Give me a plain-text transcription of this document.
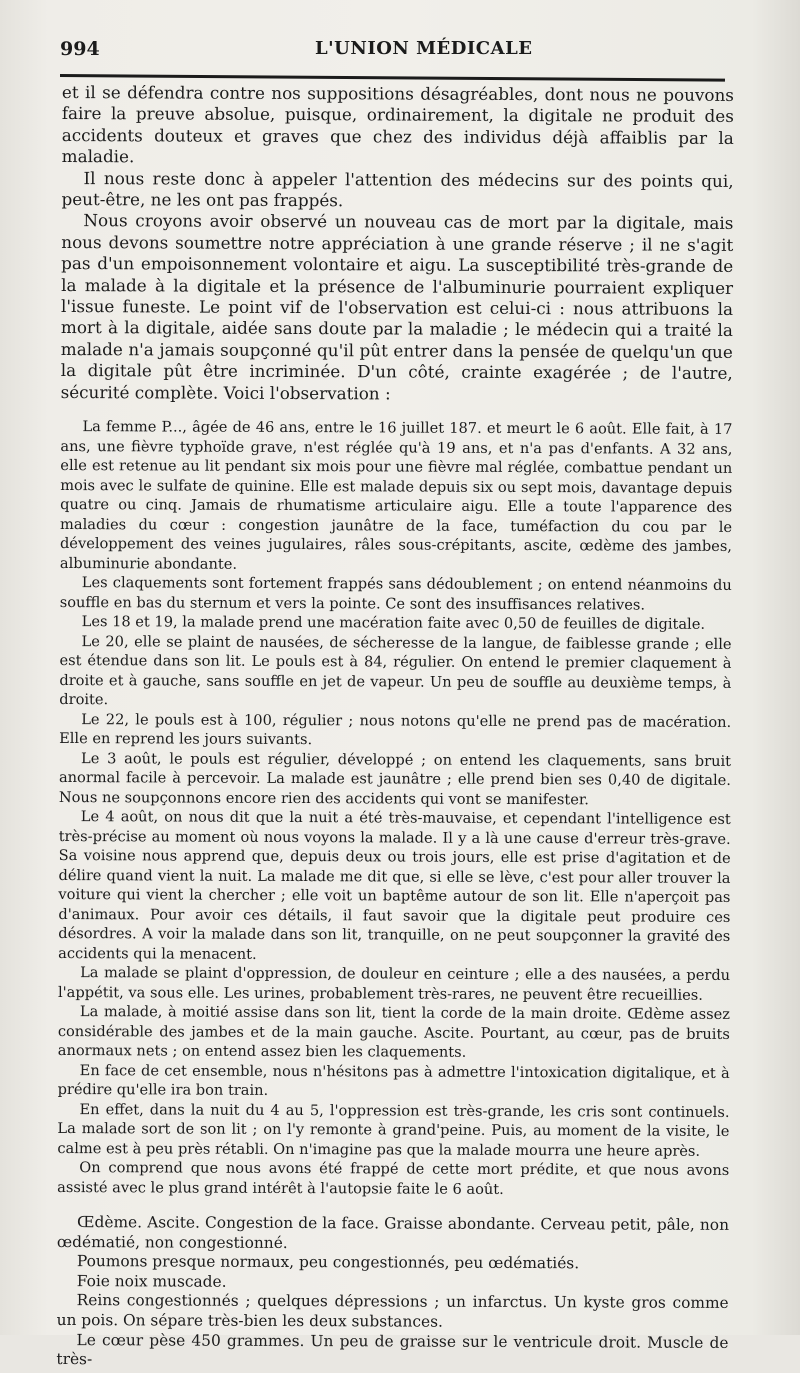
994	L'UNION MÉDICALE

et il se défendra contre nos suppositions désagréables, dont nous ne pouvons faire la preuve absolue, puisque, ordinairement, la digitale ne produit des accidents douteux et graves que chez des individus déjà affaiblis par la maladie.

Il nous reste donc à appeler l'attention des médecins sur des points qui, peut-être, ne les ont pas frappés.

Nous croyons avoir observé un nouveau cas de mort par la digitale, mais nous devons soumettre notre appréciation à une grande réserve ; il ne s'agit pas d'un empoisonnement volontaire et aigu. La susceptibilité très-grande de la malade à la digitale et la présence de l'albuminurie pourraient expliquer l'issue funeste. Le point vif de l'observation est celui-ci : nous attribuons la mort à la digitale, aidée sans doute par la maladie ; le médecin qui a traité la malade n'a jamais soupçonné qu'il pût entrer dans la pensée de quelqu'un que la digitale pût être incriminée. D'un côté, crainte exagérée ; de l'autre, sécurité complète. Voici l'observation :

La femme P..., âgée de 46 ans, entre le 16 juillet 187. et meurt le 6 août. Elle fait, à 17 ans, une fièvre typhoïde grave, n'est réglée qu'à 19 ans, et n'a pas d'enfants. A 32 ans, elle est retenue au lit pendant six mois pour une fièvre mal réglée, combattue pendant un mois avec le sulfate de quinine. Elle est malade depuis six ou sept mois, davantage depuis quatre ou cinq. Jamais de rhumatisme articulaire aigu. Elle a toute l'apparence des maladies du cœur : congestion jaunâtre de la face, tuméfaction du cou par le développement des veines jugulaires, râles sous-crépitants, ascite, œdème des jambes, albuminurie abondante.

Les claquements sont fortement frappés sans dédoublement ; on entend néanmoins du souffle en bas du sternum et vers la pointe. Ce sont des insuffisances relatives.

Les 18 et 19, la malade prend une macération faite avec 0,50 de feuilles de digitale.

Le 20, elle se plaint de nausées, de sécheresse de la langue, de faiblesse grande ; elle est étendue dans son lit. Le pouls est à 84, régulier. On entend le premier claquement à droite et à gauche, sans souffle en jet de vapeur. Un peu de souffle au deuxième temps, à droite.

Le 22, le pouls est à 100, régulier ; nous notons qu'elle ne prend pas de macération. Elle en reprend les jours suivants.

Le 3 août, le pouls est régulier, développé ; on entend les claquements, sans bruit anormal facile à percevoir. La malade est jaunâtre ; elle prend bien ses 0,40 de digitale. Nous ne soupçonnons encore rien des accidents qui vont se manifester.

Le 4 août, on nous dit que la nuit a été très-mauvaise, et cependant l'intelligence est très-précise au moment où nous voyons la malade. Il y a là une cause d'erreur très-grave. Sa voisine nous apprend que, depuis deux ou trois jours, elle est prise d'agitation et de délire quand vient la nuit. La malade me dit que, si elle se lève, c'est pour aller trouver la voiture qui vient la chercher ; elle voit un baptême autour de son lit. Elle n'aperçoit pas d'animaux. Pour avoir ces détails, il faut savoir que la digitale peut produire ces désordres. A voir la malade dans son lit, tranquille, on ne peut soupçonner la gravité des accidents qui la menacent.

La malade se plaint d'oppression, de douleur en ceinture ; elle a des nausées, a perdu l'appétit, va sous elle. Les urines, probablement très-rares, ne peuvent être recueillies.

La malade, à moitié assise dans son lit, tient la corde de la main droite. Œdème assez considérable des jambes et de la main gauche. Ascite. Pourtant, au cœur, pas de bruits anormaux nets ; on entend assez bien les claquements.

En face de cet ensemble, nous n'hésitons pas à admettre l'intoxication digitalique, et à prédire qu'elle ira bon train.

En effet, dans la nuit du 4 au 5, l'oppression est très-grande, les cris sont continuels. La malade sort de son lit ; on l'y remonte à grand'peine. Puis, au moment de la visite, le calme est à peu près rétabli. On n'imagine pas que la malade mourra une heure après.

On comprend que nous avons été frappé de cette mort prédite, et que nous avons assisté avec le plus grand intérêt à l'autopsie faite le 6 août.

Œdème. Ascite. Congestion de la face. Graisse abondante. Cerveau petit, pâle, non œdématié, non congestionné.

Poumons presque normaux, peu congestionnés, peu œdématiés.

Foie noix muscade.

Reins congestionnés ; quelques dépressions ; un infarctus. Un kyste gros comme un pois. On sépare très-bien les deux substances.

Le cœur pèse 450 grammes. Un peu de graisse sur le ventricule droit. Muscle de très-
